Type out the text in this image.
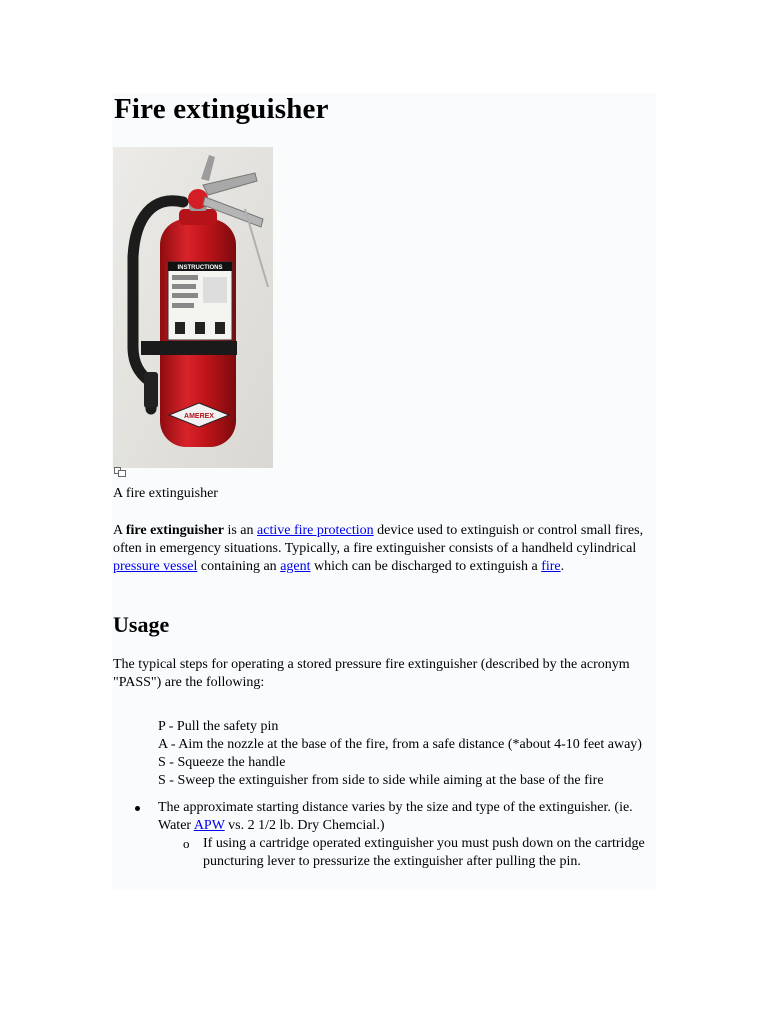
Fire extinguisher
INSTRUCTIONS
AMEREX
A fire extinguisher

A fire extinguisher is an active fire protection device used to extinguish or control small fires, often in emergency situations. Typically, a fire extinguisher consists of a handheld cylindrical pressure vessel containing an agent which can be discharged to extinguish a fire.

Usage

The typical steps for operating a stored pressure fire extinguisher (described by the acronym "PASS") are the following:

P - Pull the safety pin
A - Aim the nozzle at the base of the fire, from a safe distance (*about 4-10 feet away)
S - Squeeze the handle
S - Sweep the extinguisher from side to side while aiming at the base of the fire
The approximate starting distance varies by the size and type of the extinguisher. (ie. Water APW vs. 2 1/2 lb. Dry Chemcial.)
o If using a cartridge operated extinguisher you must push down on the cartridge puncturing lever to pressurize the extinguisher after pulling the pin.
